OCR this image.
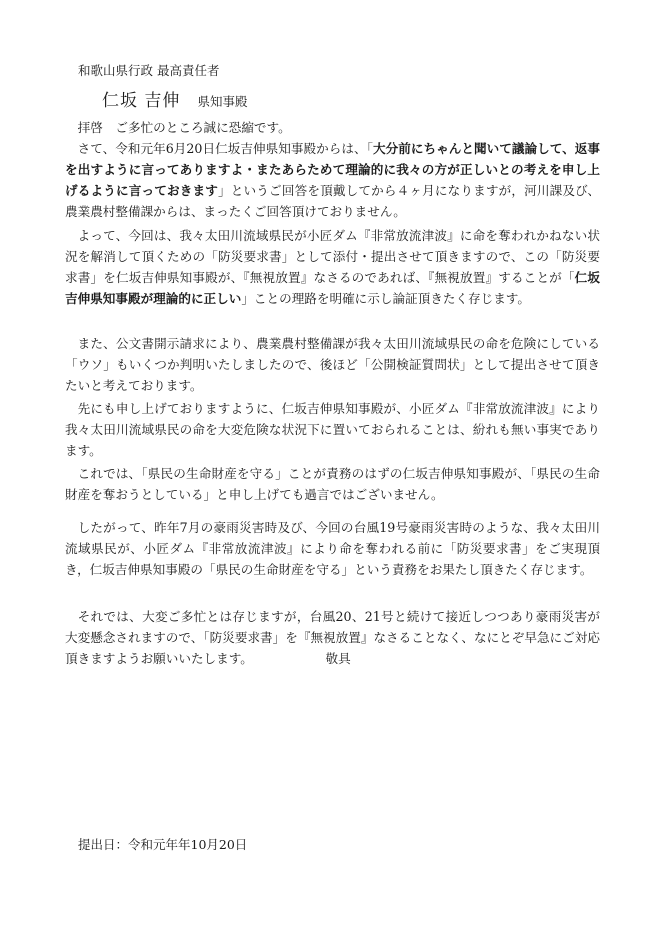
和歌山県行政 最高責任者
仁坂 吉伸 県知事殿

拝啓　ご多忙のところ誠に恐縮です。

さて、令和元年6月20日仁坂吉伸県知事殿からは、「大分前にちゃんと聞いて議論して、返事を出すように言ってありますよ・またあらためて理論的に我々の方が正しいとの考えを申し上げるように言っておきます」というご回答を頂戴してから４ヶ月になりますが，河川課及び、農業農村整備課からは、まったくご回答頂けておりません。

よって、今回は、我々太田川流域県民が小匠ダム『非常放流津波』に命を奪われかねない状況を解消して頂くための「防災要求書」として添付・提出させて頂きますので、この「防災要求書」を仁坂吉伸県知事殿が、『無視放置』なさるのであれば、『無視放置』することが「仁坂吉伸県知事殿が理論的に正しい」ことの理路を明確に示し論証頂きたく存じます。

また、公文書開示請求により、農業農村整備課が我々太田川流域県民の命を危険にしている「ウソ」もいくつか判明いたしましたので、後ほど「公開検証質問状」として提出させて頂きたいと考えております。

先にも申し上げておりますように、仁坂吉伸県知事殿が、小匠ダム『非常放流津波』により我々太田川流域県民の命を大変危険な状況下に置いておられることは、紛れも無い事実であります。

これでは、「県民の生命財産を守る」ことが責務のはずの仁坂吉伸県知事殿が、「県民の生命財産を奪おうとしている」と申し上げても過言ではございません。

したがって、昨年7月の豪雨災害時及び、今回の台風19号豪雨災害時のような、我々太田川流域県民が、小匠ダム『非常放流津波』により命を奪われる前に「防災要求書」をご実現頂き，仁坂吉伸県知事殿の「県民の生命財産を守る」という責務をお果たし頂きたく存じます。

それでは、大変ご多忙とは存じますが，台風20、21号と続けて接近しつつあり豪雨災害が大変懸念されますので、「防災要求書」を『無視放置』なさることなく、なにとぞ早急にご対応頂きますようお願いいたします。	敬具

提出日：令和元年年10月20日
